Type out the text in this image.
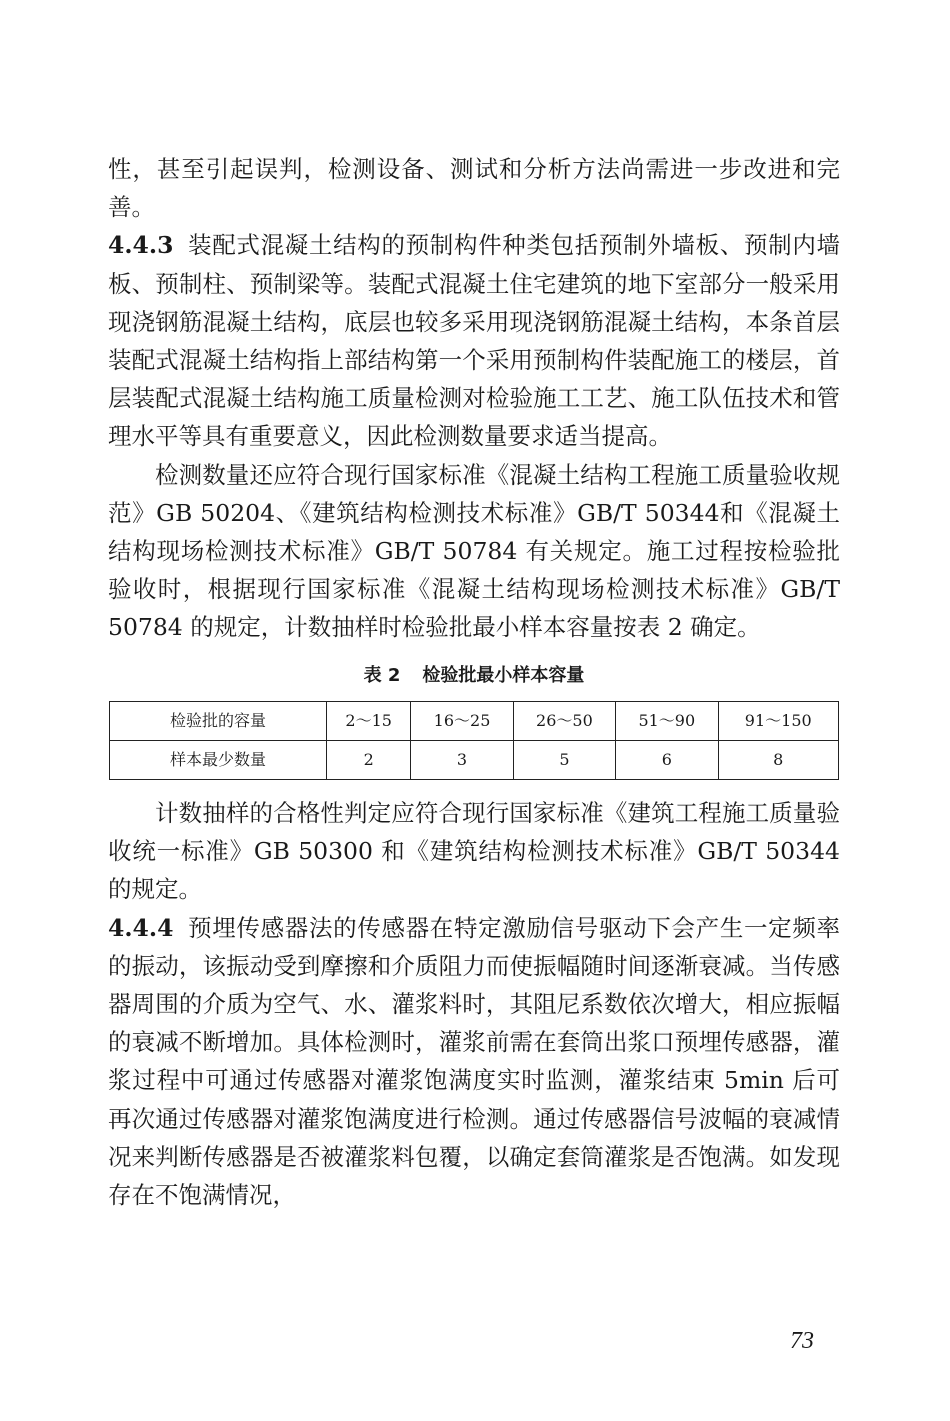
性，甚至引起误判，检测设备、测试和分析方法尚需进一步改进和完善。

4.4.3 装配式混凝土结构的预制构件种类包括预制外墙板、预制内墙板、预制柱、预制梁等。装配式混凝土住宅建筑的地下室部分一般采用现浇钢筋混凝土结构，底层也较多采用现浇钢筋混凝土结构，本条首层装配式混凝土结构指上部结构第一个采用预制构件装配施工的楼层，首层装配式混凝土结构施工质量检测对检验施工工艺、施工队伍技术和管理水平等具有重要意义，因此检测数量要求适当提高。

检测数量还应符合现行国家标准《混凝土结构工程施工质量验收规范》GB 50204、《建筑结构检测技术标准》GB/T 50344和《混凝土结构现场检测技术标准》GB/T 50784 有关规定。施工过程按检验批验收时，根据现行国家标准《混凝土结构现场检测技术标准》GB/T 50784 的规定，计数抽样时检验批最小样本容量按表 2 确定。

表 2 检验批最小样本容量
检验批的容量	2～15	16～25	26～50	51～90	91～150
样本最少数量	2	3	5	6	8

计数抽样的合格性判定应符合现行国家标准《建筑工程施工质量验收统一标准》GB 50300 和《建筑结构检测技术标准》GB/T 50344 的规定。

4.4.4 预埋传感器法的传感器在特定激励信号驱动下会产生一定频率的振动，该振动受到摩擦和介质阻力而使振幅随时间逐渐衰减。当传感器周围的介质为空气、水、灌浆料时，其阻尼系数依次增大，相应振幅的衰减不断增加。具体检测时，灌浆前需在套筒出浆口预埋传感器，灌浆过程中可通过传感器对灌浆饱满度实时监测，灌浆结束 5min 后可再次通过传感器对灌浆饱满度进行检测。通过传感器信号波幅的衰减情况来判断传感器是否被灌浆料包覆，以确定套筒灌浆是否饱满。如发现存在不饱满情况，

73
